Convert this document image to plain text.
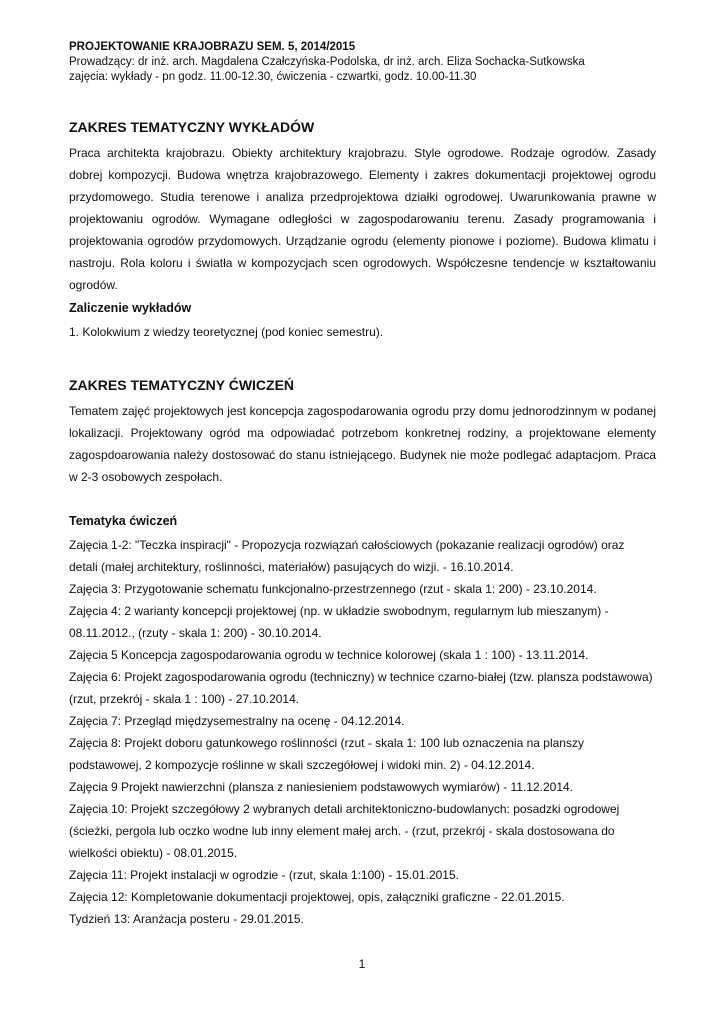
PROJEKTOWANIE KRAJOBRAZU SEM. 5, 2014/2015
Prowadzący: dr inż. arch. Magdalena Czałczyńska-Podolska, dr inż. arch. Eliza Sochacka-Sutkowska
zajęcia: wykłady - pn godz. 11.00-12.30, ćwiczenia - czwartki, godz. 10.00-11.30
ZAKRES TEMATYCZNY WYKŁADÓW

Praca architekta krajobrazu. Obiekty architektury krajobrazu. Style ogrodowe. Rodzaje ogrodów. Zasady dobrej kompozycji. Budowa wnętrza krajobrazowego. Elementy i zakres dokumentacji projektowej ogrodu przydomowego. Studia terenowe i analiza przedprojektowa działki ogrodowej. Uwarunkowania prawne w projektowaniu ogrodów. Wymagane odległości w zagospodarowaniu terenu. Zasady programowania i projektowania ogrodów przydomowych. Urządzanie ogrodu (elementy pionowe i poziome). Budowa klimatu i nastroju. Rola koloru i światła w kompozycjach scen ogrodowych. Współczesne tendencje w kształtowaniu ogrodów.

Zaliczenie wykładów

1. Kolokwium z wiedzy teoretycznej (pod koniec semestru).

ZAKRES TEMATYCZNY ĆWICZEŃ

Tematem zajęć projektowych jest koncepcja zagospodarowania ogrodu przy domu jednorodzinnym w podanej lokalizacji. Projektowany ogród ma odpowiadać potrzebom konkretnej rodziny, a projektowane elementy zagospdoarowania należy dostosować do stanu istniejącego. Budynek nie może podlegać adaptacjom. Praca w 2-3 osobowych zespołach.

Tematyka ćwiczeń

Zajęcia 1-2: "Teczka inspiracji" - Propozycja rozwiązań całościowych (pokazanie realizacji ogrodów) oraz detali (małej architektury, roślinności, materiałów) pasujących do wizji. - 16.10.2014.

Zajęcia 3: Przygotowanie schematu funkcjonalno-przestrzennego (rzut - skala 1: 200) - 23.10.2014.

Zajęcia 4: 2 warianty koncepcji projektowej (np. w układzie swobodnym, regularnym lub mieszanym) - 08.11.2012., (rzuty - skala 1: 200) - 30.10.2014.

Zajęcia 5 Koncepcja zagospodarowania ogrodu w technice kolorowej (skala 1 : 100) - 13.11.2014.

Zajęcia 6: Projekt zagospodarowania ogrodu (techniczny) w technice czarno-białej (tzw. plansza podstawowa) (rzut, przekrój - skala 1 : 100) - 27.10.2014.

Zajęcia 7: Przegląd międzysemestralny na ocenę - 04.12.2014.

Zajęcia 8: Projekt doboru gatunkowego roślinności (rzut - skala 1: 100 lub oznaczenia na planszy podstawowej, 2 kompozycje roślinne w skali szczegółowej i widoki min. 2) - 04.12.2014.

Zajęcia 9 Projekt nawierzchni (plansza z naniesieniem podstawowych wymiarów) - 11.12.2014.

Zajęcia 10: Projekt szczegółowy 2 wybranych detali architektoniczno-budowlanych: posadzki ogrodowej (ścieżki, pergola lub oczko wodne lub inny element małej arch. - (rzut, przekrój - skala dostosowana do wielkości obiektu) - 08.01.2015.

Zajęcia 11: Projekt instalacji w ogrodzie - (rzut, skala 1:100) - 15.01.2015.

Zajęcia 12: Kompletowanie dokumentacji projektowej, opis, załączniki graficzne - 22.01.2015.

Tydzień 13: Aranżacja posteru - 29.01.2015.

1
